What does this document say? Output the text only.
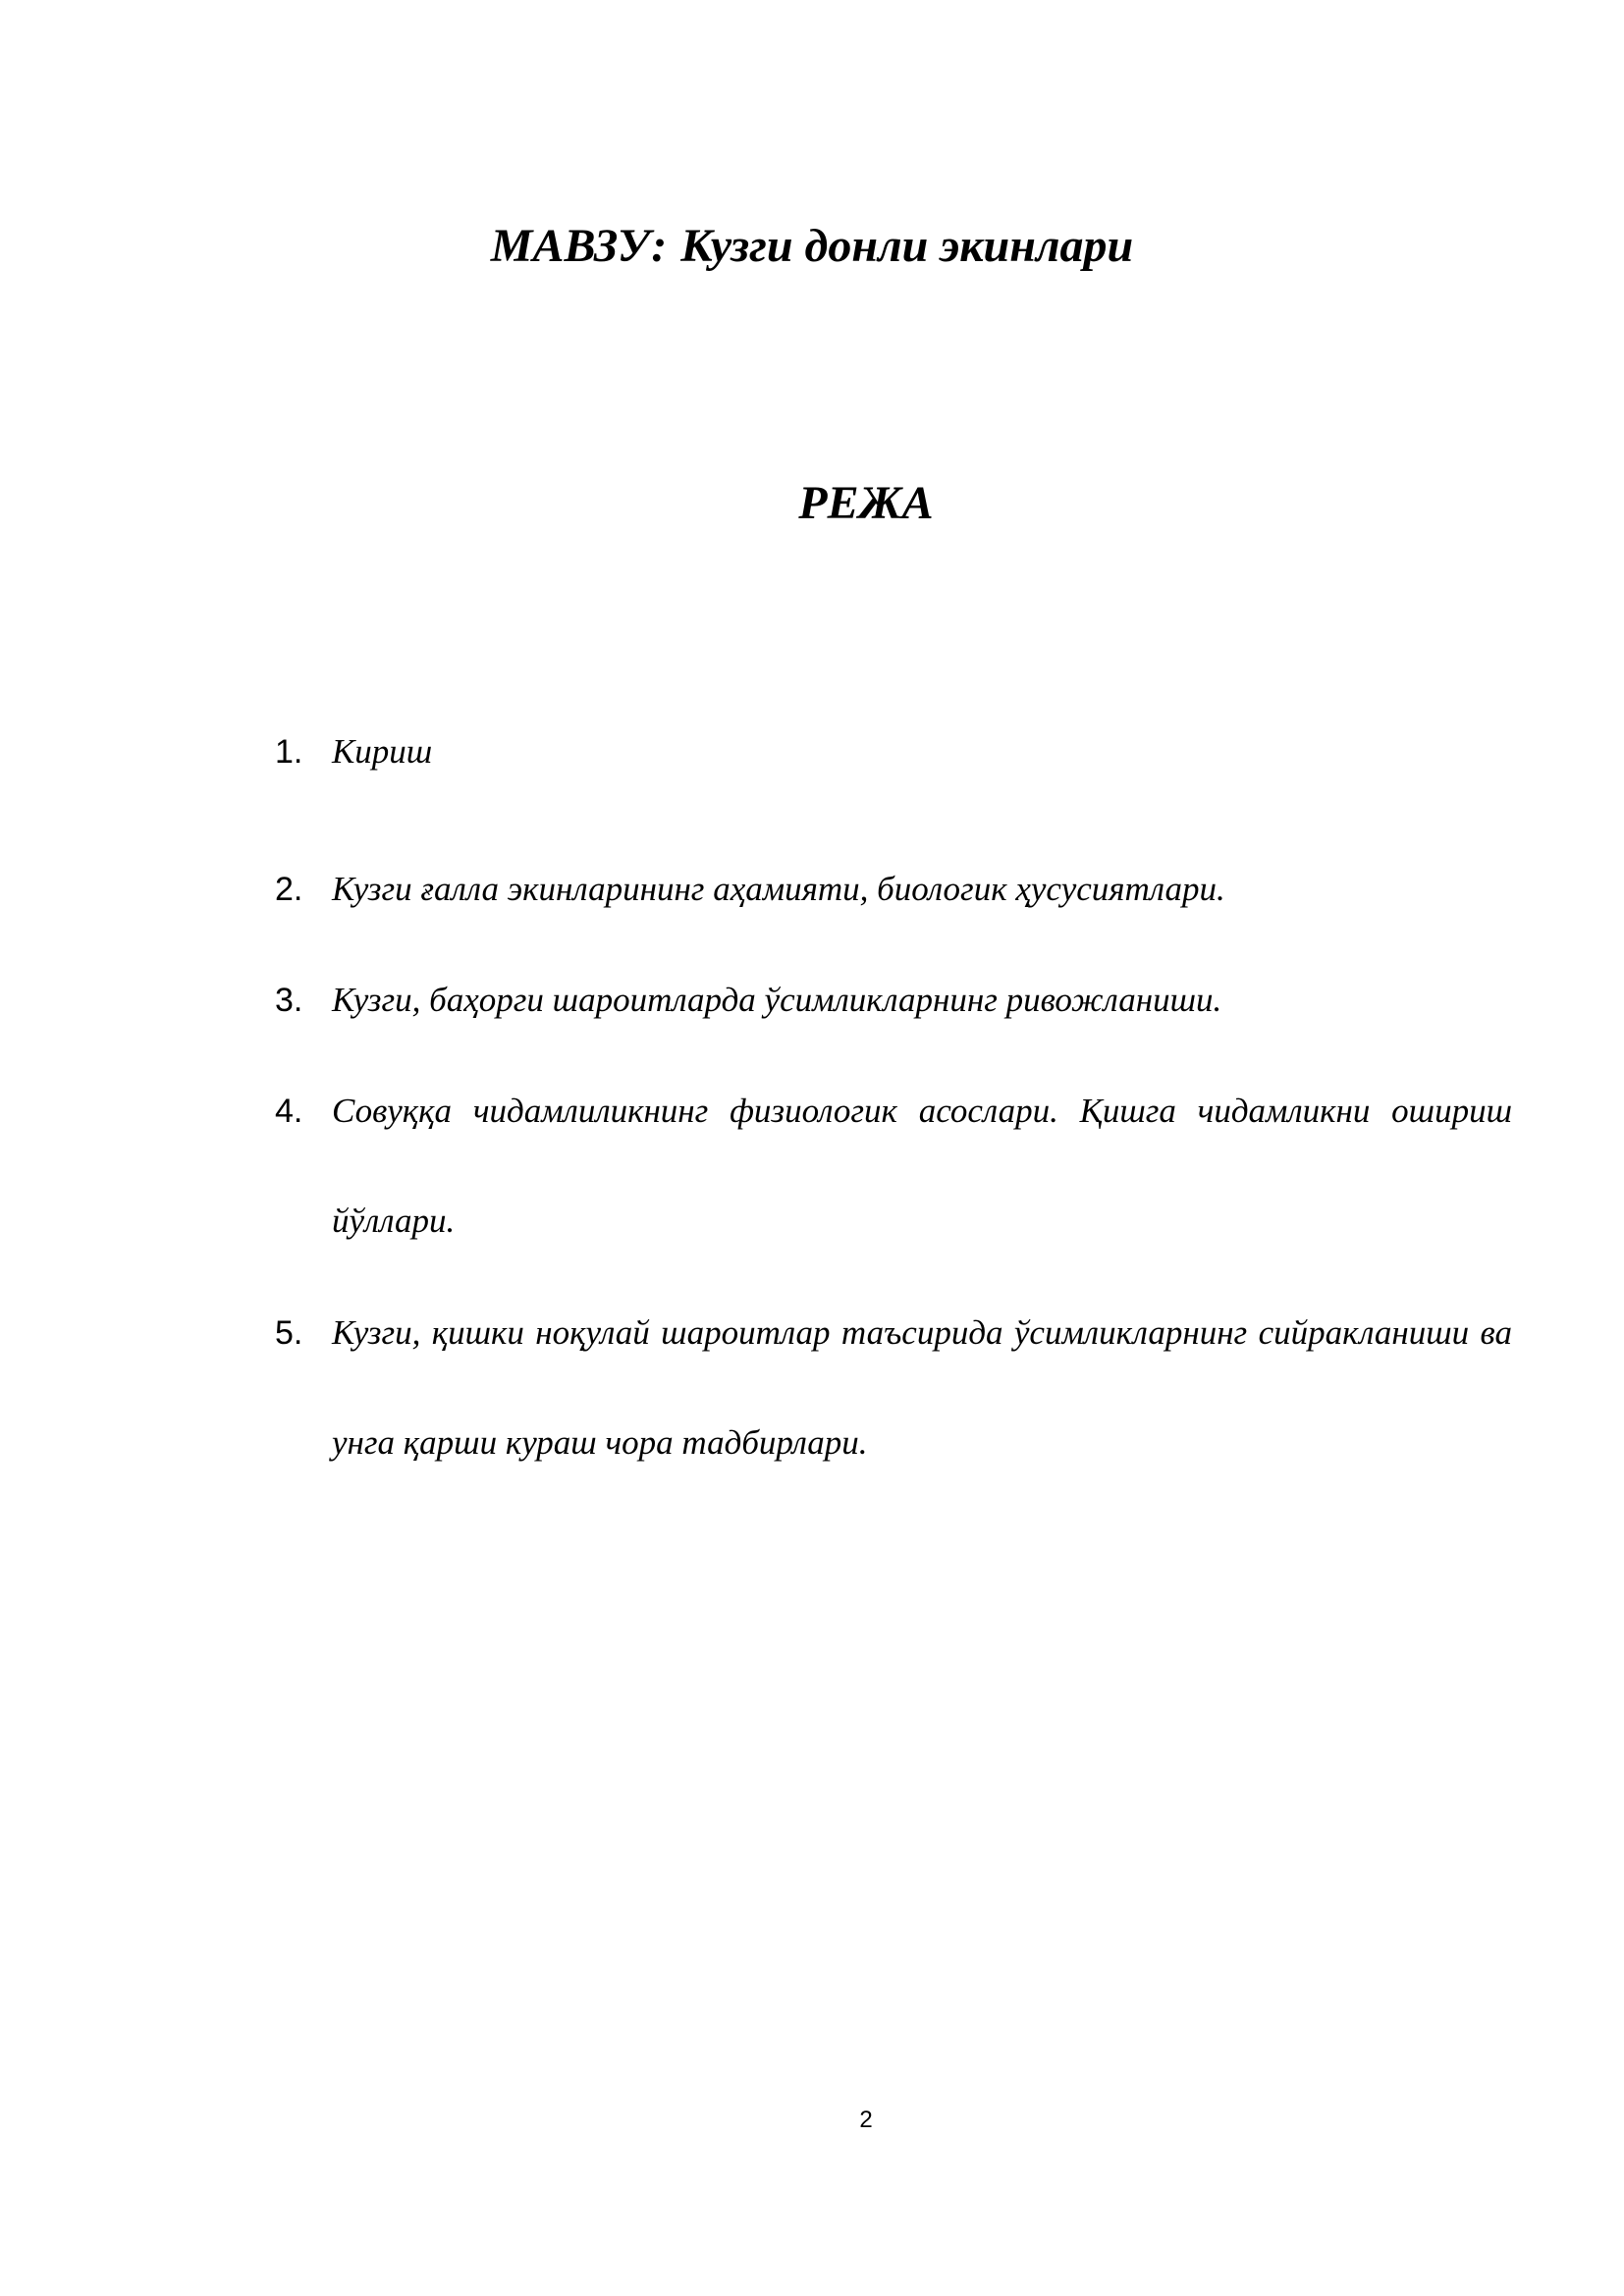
МАВЗУ: Кузги донли экинлари
РЕЖА
1. Кириш
2. Кузги ғалла экинларининг аҳамияти, биологик ҳусусиятлари.
3. Кузги, баҳорги шароитларда ўсимликларнинг ривожланиши.
4. Совуққа чидамлиликнинг физиологик асослари. Қишга чидамликни ошириш йўллари.
5. Кузги, қишки ноқулай шароитлар таъсирида ўсимликларнинг сийракланиши ва унга қарши кураш чора тадбирлари.
2
